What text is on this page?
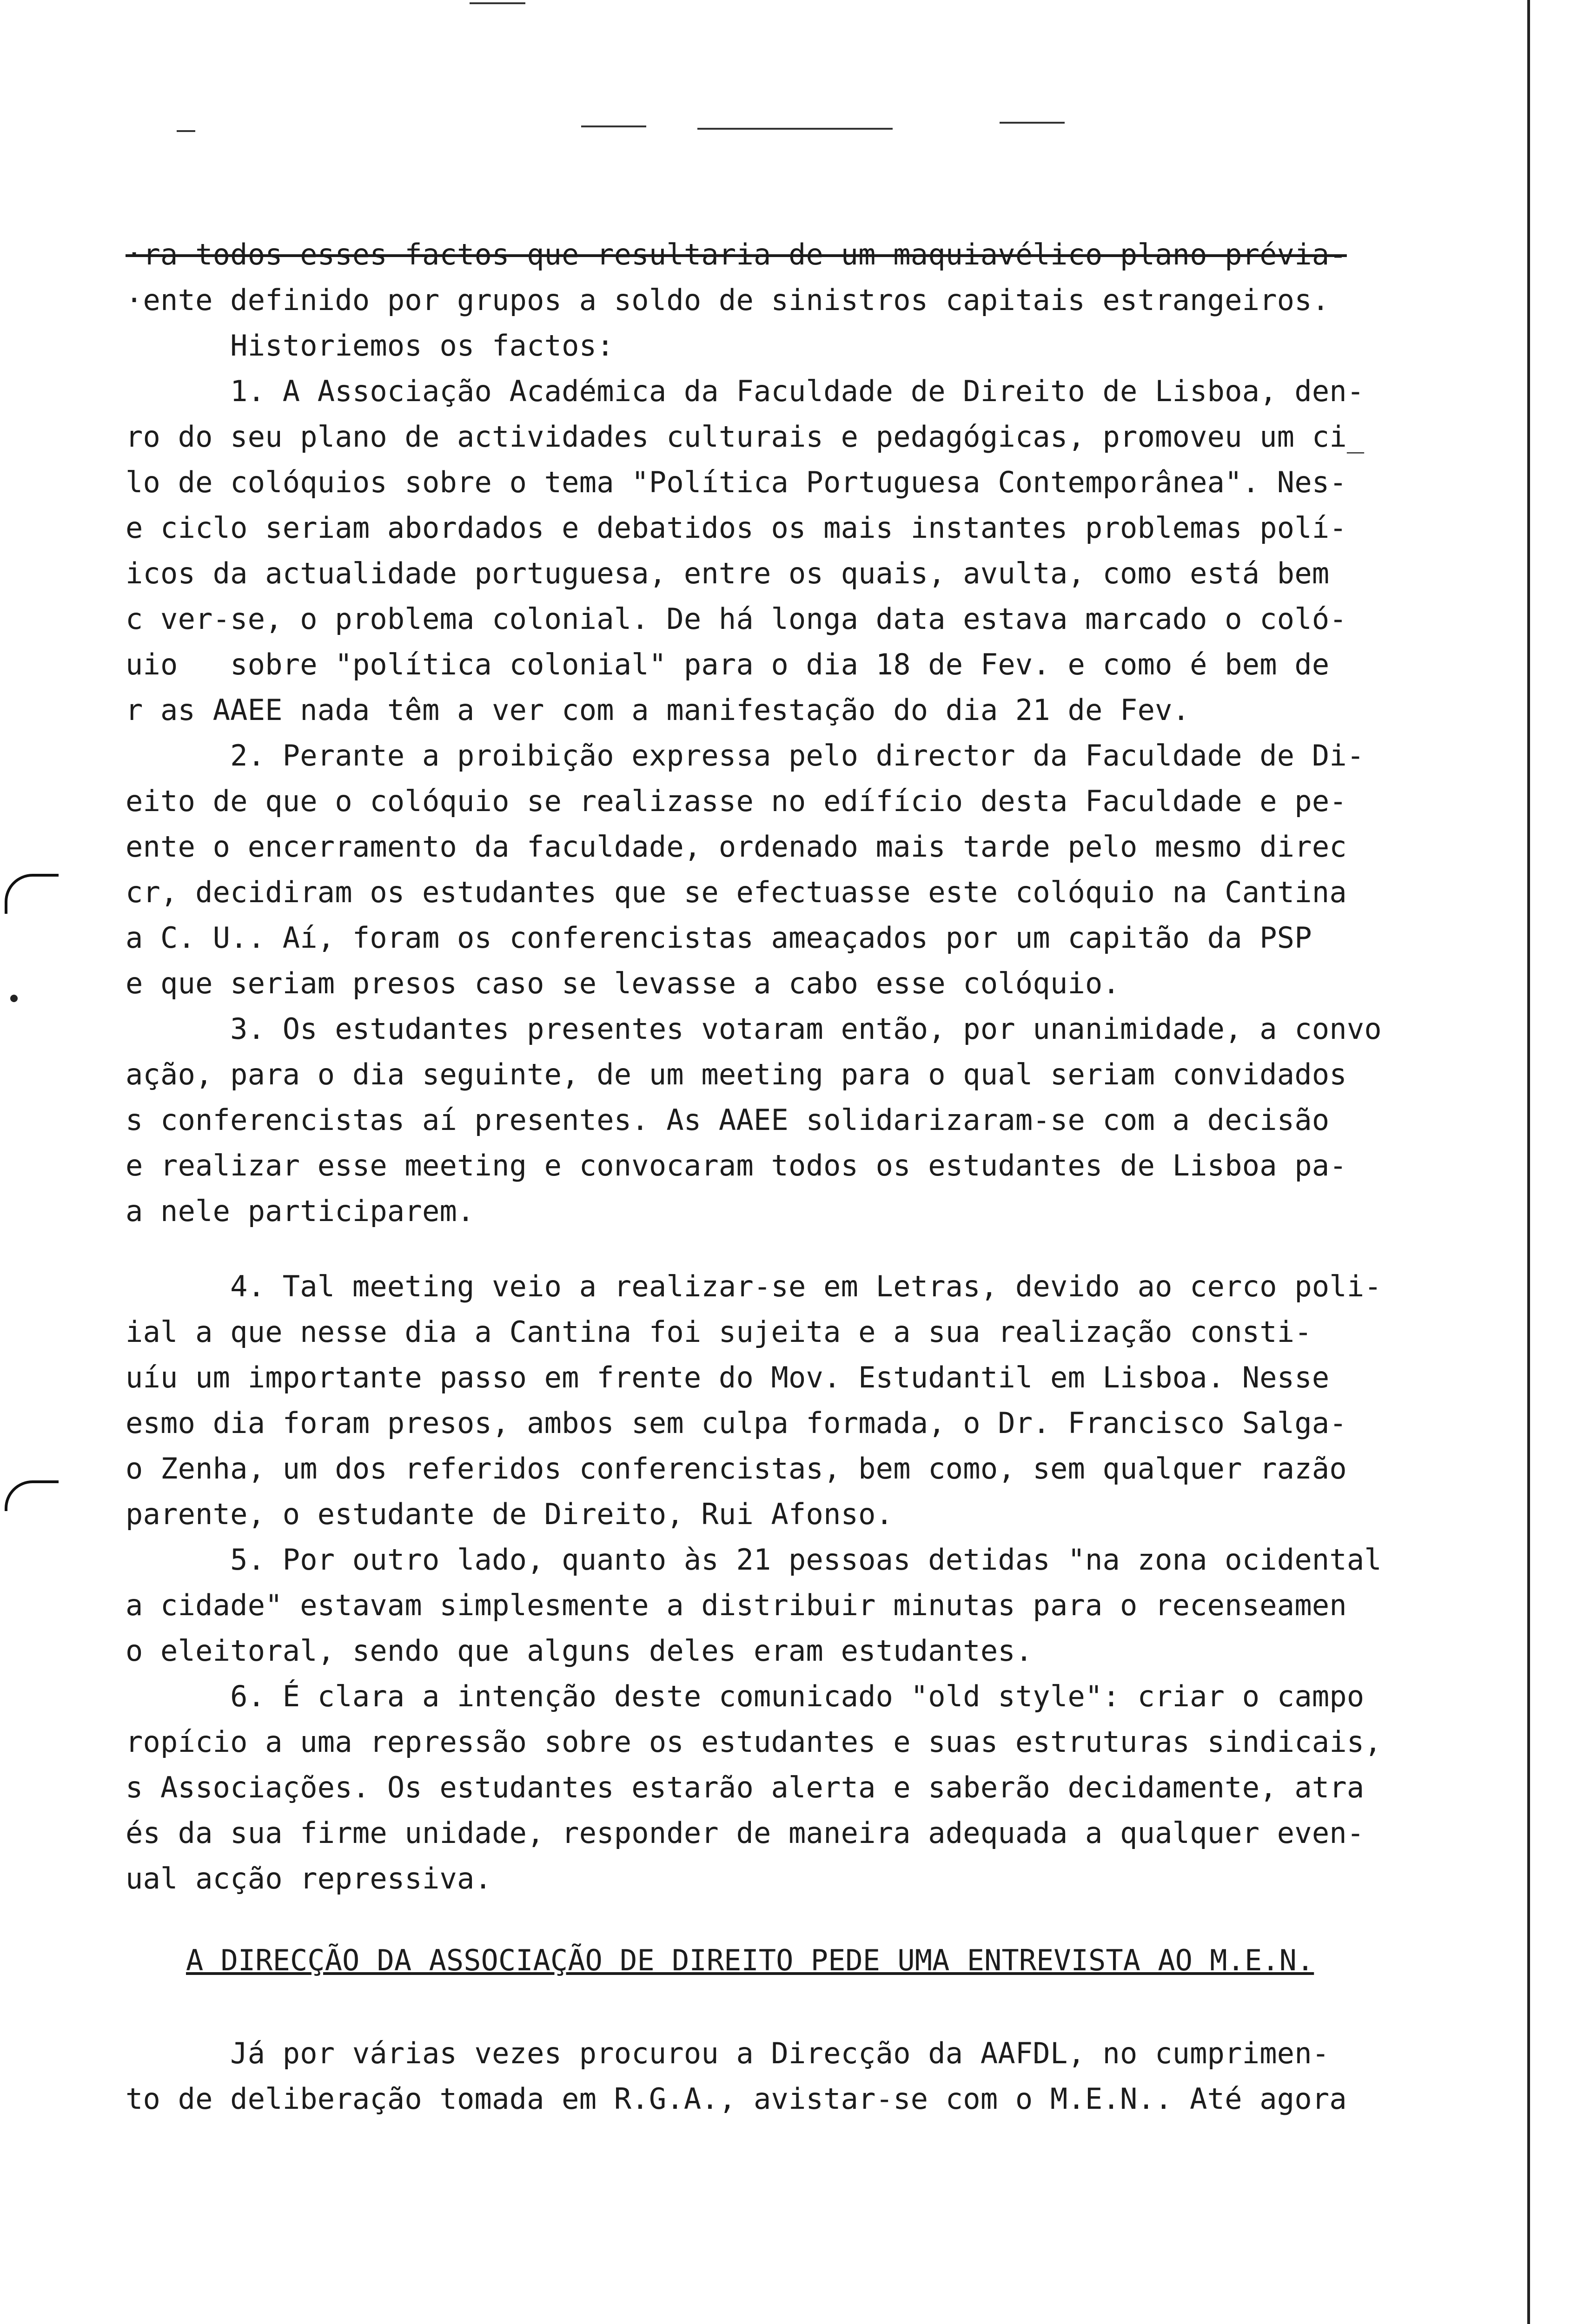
·ra todos esses factos que resultaria de um maquiavélico plano prévia-
·ente definido por grupos a soldo de sinistros capitais estrangeiros.
Historiemos os factos:
1. A Associação Académica da Faculdade de Direito de Lisboa, den-
ro do seu plano de actividades culturais e pedagógicas, promoveu um ci_
lo de colóquios sobre o tema "Política Portuguesa Contemporânea". Nes-
e ciclo seriam abordados e debatidos os mais instantes problemas polí-
icos da actualidade portuguesa, entre os quais, avulta, como está bem
c ver-se, o problema colonial. De há longa data estava marcado o coló-
uio   sobre "política colonial" para o dia 18 de Fev. e como é bem de
r as AAEE nada têm a ver com a manifestação do dia 21 de Fev.
2. Perante a proibição expressa pelo director da Faculdade de Di-
eito de que o colóquio se realizasse no edífício desta Faculdade e pe-
ente o encerramento da faculdade, ordenado mais tarde pelo mesmo direc
cr, decidiram os estudantes que se efectuasse este colóquio na Cantina
a C. U.. Aí, foram os conferencistas ameaçados por um capitão da PSP
e que seriam presos caso se levasse a cabo esse colóquio.
3. Os estudantes presentes votaram então, por unanimidade, a convo
ação, para o dia seguinte, de um meeting para o qual seriam convidados
s conferencistas aí presentes. As AAEE solidarizaram-se com a decisão
e realizar esse meeting e convocaram todos os estudantes de Lisboa pa-
a nele participarem.
4. Tal meeting veio a realizar-se em Letras, devido ao cerco poli-
ial a que nesse dia a Cantina foi sujeita e a sua realização consti-
uíu um importante passo em frente do Mov. Estudantil em Lisboa. Nesse
esmo dia foram presos, ambos sem culpa formada, o Dr. Francisco Salga-
o Zenha, um dos referidos conferencistas, bem como, sem qualquer razão
parente, o estudante de Direito, Rui Afonso.
5. Por outro lado, quanto às 21 pessoas detidas "na zona ocidental
a cidade" estavam simplesmente a distribuir minutas para o recenseamen
o eleitoral, sendo que alguns deles eram estudantes.
6. É clara a intenção deste comunicado "old style": criar o campo
ropício a uma repressão sobre os estudantes e suas estruturas sindicais,
s Associações. Os estudantes estarão alerta e saberão decidamente, atra
és da sua firme unidade, responder de maneira adequada a qualquer even-
ual acção repressiva.
A DIRECÇÃO DA ASSOCIAÇÃO DE DIREITO PEDE UMA ENTREVISTA AO M.E.N.
Já por várias vezes procurou a Direcção da AAFDL, no cumprimen-
to de deliberação tomada em R.G.A., avistar-se com o M.E.N.. Até agora
